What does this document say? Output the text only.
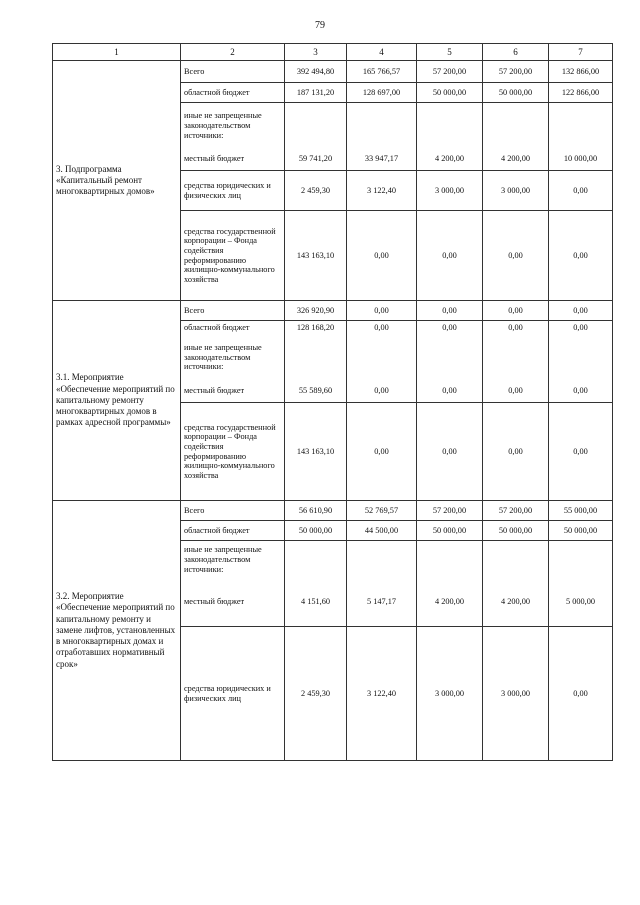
79
1	2	3	4	5	6	7
3. Подпрограмма «Капитальный ремонт многоквартирных домов»	Всего	392 494,80	165 766,57	57 200,00	57 200,00	132 866,00
	областной бюджет	187 131,20	128 697,00	50 000,00	50 000,00	122 866,00
	иные не запрещенные законодательством источники:					
	местный бюджет	59 741,20	33 947,17	4 200,00	4 200,00	10 000,00
	средства юридических и физических лиц	2 459,30	3 122,40	3 000,00	3 000,00	0,00
	средства государственной корпорации – Фонда содействия реформированию жилищно-коммунального хозяйства	143 163,10	0,00	0,00	0,00	0,00
3.1. Мероприятие «Обеспечение мероприятий по капитальному ремонту многоквартирных домов в рамках адресной программы»	Всего	326 920,90	0,00	0,00	0,00	0,00
	областной бюджет	128 168,20	0,00	0,00	0,00	0,00
	иные не запрещенные законодательством источники:					
	местный бюджет	55 589,60	0,00	0,00	0,00	0,00
	средства государственной корпорации – Фонда содействия реформированию жилищно-коммунального хозяйства	143 163,10	0,00	0,00	0,00	0,00
3.2. Мероприятие «Обеспечение мероприятий по капитальному ремонту и замене лифтов, установленных в многоквартирных домах и отработавших нормативный срок»	Всего	56 610,90	52 769,57	57 200,00	57 200,00	55 000,00
	областной бюджет	50 000,00	44 500,00	50 000,00	50 000,00	50 000,00
	иные не запрещенные законодательством источники:					
	местный бюджет	4 151,60	5 147,17	4 200,00	4 200,00	5 000,00
	средства юридических и физических лиц	2 459,30	3 122,40	3 000,00	3 000,00	0,00
